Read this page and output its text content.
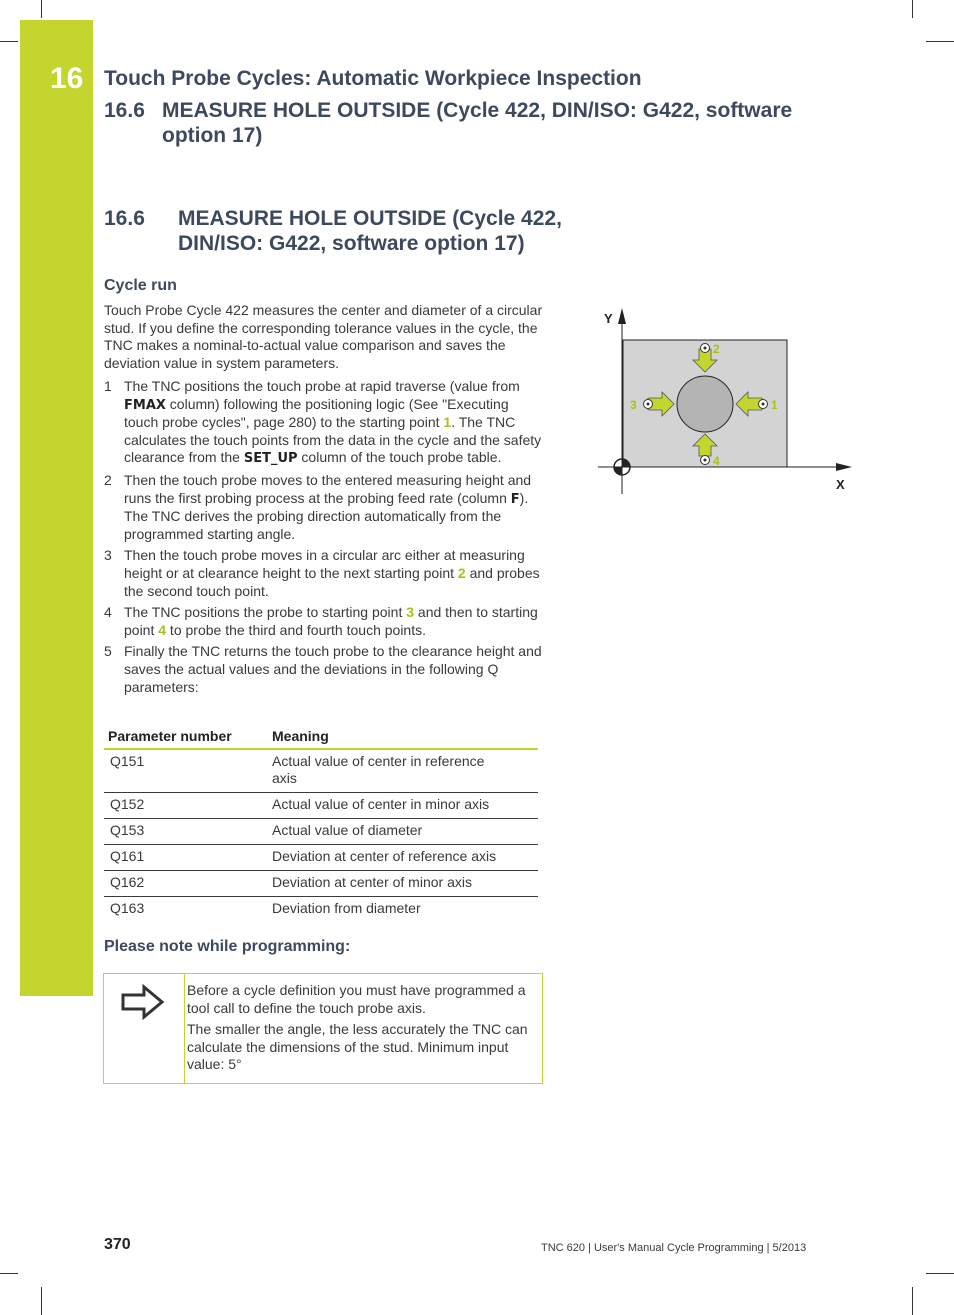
16 Touch Probe Cycles: Automatic Workpiece Inspection
16.6 MEASURE HOLE OUTSIDE (Cycle 422, DIN/ISO: G422, software option 17)
16.6 MEASURE HOLE OUTSIDE (Cycle 422, DIN/ISO: G422, software option 17)
Cycle run
Touch Probe Cycle 422 measures the center and diameter of a circular stud. If you define the corresponding tolerance values in the cycle, the TNC makes a nominal-to-actual value comparison and saves the deviation value in system parameters.
1 The TNC positions the touch probe at rapid traverse (value from FMAX column) following the positioning logic (See "Executing touch probe cycles", page 280) to the starting point 1. The TNC calculates the touch points from the data in the cycle and the safety clearance from the SET_UP column of the touch probe table.
2 Then the touch probe moves to the entered measuring height and runs the first probing process at the probing feed rate (column F). The TNC derives the probing direction automatically from the programmed starting angle.
3 Then the touch probe moves in a circular arc either at measuring height or at clearance height to the next starting point 2 and probes the second touch point.
4 The TNC positions the probe to starting point 3 and then to starting point 4 to probe the third and fourth touch points.
5 Finally the TNC returns the touch probe to the clearance height and saves the actual values and the deviations in the following Q parameters:
Parameter number	Meaning
Q151	Actual value of center in reference axis
Q152	Actual value of center in minor axis
Q153	Actual value of diameter
Q161	Deviation at center of reference axis
Q162	Deviation at center of minor axis
Q163	Deviation from diameter
Please note while programming:

Before a cycle definition you must have programmed a tool call to define the touch probe axis.

The smaller the angle, the less accurately the TNC can calculate the dimensions of the stud. Minimum input value: 5°

Y
X
1
2
3
4
370	TNC 620 | User's Manual Cycle Programming | 5/2013
